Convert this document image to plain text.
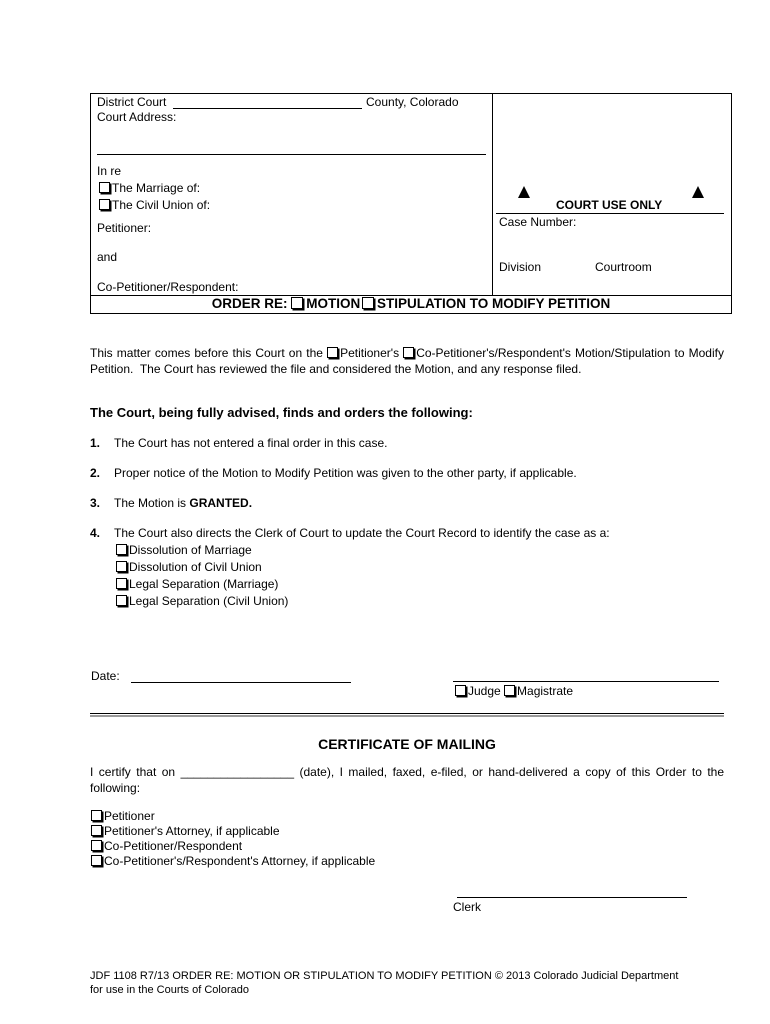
District Court	County, Colorado
Court Address:
In re
The Marriage of:
The Civil Union of:
Petitioner:
and
Co-Petitioner/Respondent:
COURT USE ONLY
Case Number:
Division	Courtroom
ORDER RE: MOTION STIPULATION TO MODIFY PETITION
This matter comes before this Court on the Petitioner's Co-Petitioner's/Respondent's Motion/Stipulation to Modify Petition. The Court has reviewed the file and considered the Motion, and any response filed.
The Court, being fully advised, finds and orders the following:
1. The Court has not entered a final order in this case.
2. Proper notice of the Motion to Modify Petition was given to the other party, if applicable.
3. The Motion is GRANTED.
4. The Court also directs the Clerk of Court to update the Court Record to identify the case as a:
Dissolution of Marriage
Dissolution of Civil Union
Legal Separation (Marriage)
Legal Separation (Civil Union)
Date:
Judge Magistrate
CERTIFICATE OF MAILING
I certify that on _________________ (date), I mailed, faxed, e-filed, or hand-delivered a copy of this Order to the following:
Petitioner
Petitioner's Attorney, if applicable
Co-Petitioner/Respondent
Co-Petitioner's/Respondent's Attorney, if applicable
Clerk
JDF 1108 R7/13 ORDER RE: MOTION OR STIPULATION TO MODIFY PETITION © 2013 Colorado Judicial Department
for use in the Courts of Colorado
